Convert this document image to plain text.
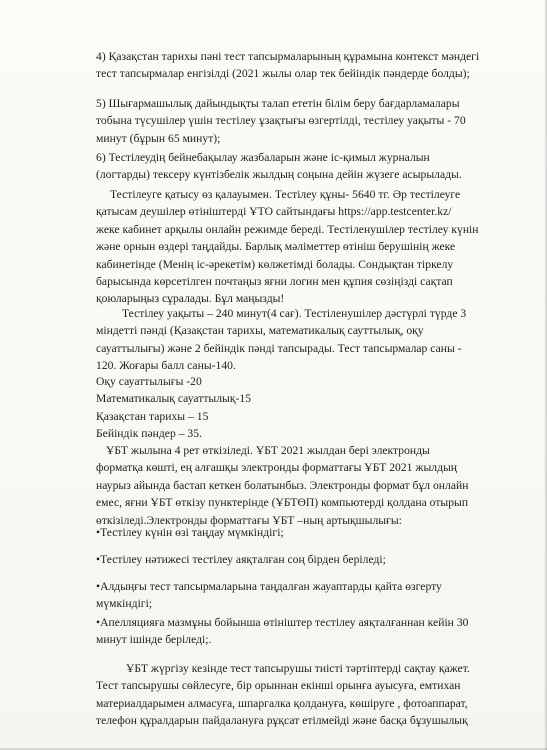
4) Қазақстан тарихы пәні тест тапсырмаларының құрамына контекст мәндегі
тест тапсырмалар енгізілді (2021 жылы олар тек бейіндік пәндерде болды);
5) Шығармашылық дайындықты талап ететін білім беру бағдарламалары
тобына түсушілер үшін тестілеу ұзақтығы өзгертілді, тестілеу уақыты - 70
минут (бұрын 65 минут);
6) Тестілеудің бейнебақылау жазбаларын және іс-қимыл журналын
(логтарды) тексеру күнтізбелік жылдың соңына дейін жүзеге асырылады.
Тестілеуге қатысу өз қалауымен. Тестілеу құны- 5640 тг. Әр тестілеуге
қатысам деушілер өтініштерді ҰТО сайтындағы https://app.testcenter.kz/
жеке кабинет арқылы онлайн режимде береді. Тестіленушілер тестілеу күнін
және орнын өздері таңдайды. Барлық мәліметтер өтініш берушінің жеке
кабинетінде (Менің іс-әрекетім) көлжетімді болады. Сондықтан тіркелу
барысында көрсетілген почтаңыз яғни логин мен құпия сөзіңізді сақтап
қоюларыңыз сұралады. Бұл маңызды!
Тестілеу уақыты – 240 минут(4 сағ). Тестіленушілер дәстүрлі түрде 3
міндетті пәнді (Қазақстан тарихы, математикалық сауттылық, оқу
сауаттылығы) және 2 бейіндік пәнді тапсырады. Тест тапсырмалар саны -
120. Жоғары балл саны-140.
Оқу сауаттылығы -20
Математикалық сауаттылық-15
Қазақстан тарихы – 15
Бейіндік пәндер – 35.
ҰБТ жылына 4 рет өткізіледі. ҰБТ 2021 жылдан бері электронды
форматқа көшті, ең алғашқы электронды форматтағы ҰБТ 2021 жылдың
наурыз айында бастап кеткен болатынбыз. Электронды формат бұл онлайн
емес, яғни ҰБТ өткізу пунктерінде (ҰБТӨП) компьютерді қолдана отырып
өткізіледі.Электронды форматтағы ҰБТ –ның артықшылығы:
•Тестілеу күнін өзі таңдау мүмкіндігі;
•Тестілеу нәтижесі тестілеу аяқталған соң бірден беріледі;
•Алдыңғы тест тапсырмаларына таңдалған жауаптарды қайта өзгерту
мүмкіндігі;
•Апелляцияға мазмұны бойынша өтініштер тестілеу аяқталғаннан кейін 30
минут ішінде беріледі;.
ҰБТ жүргізу кезінде тест тапсырушы тиісті тәртіптерді сақтау қажет.
Тест тапсырушы сөйлесуге, бір орыннан екінші орынға ауысуға, емтихан
материалдарымен алмасуға, шпаргалка қолдануға, көшіруге , фотоаппарат,
телефон құралдарын пайдалануға рұқсат етілмейді және басқа бұзушылық
